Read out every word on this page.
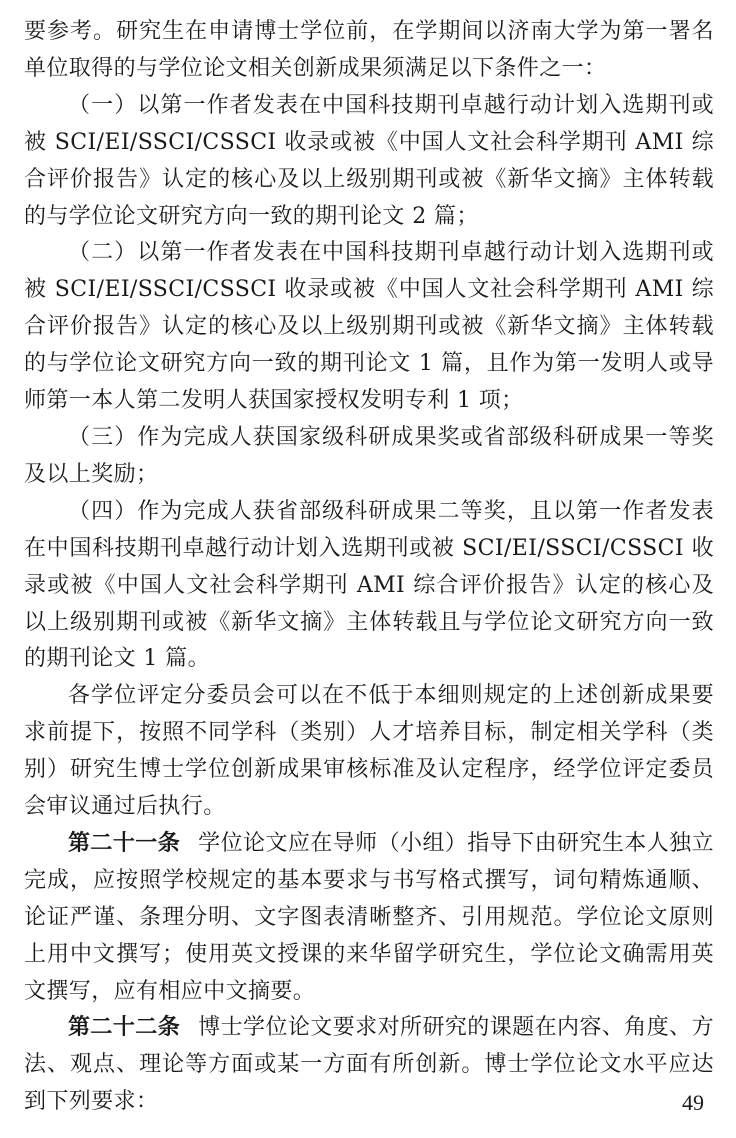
要参考。研究生在申请博士学位前，在学期间以济南大学为第一署名单位取得的与学位论文相关创新成果须满足以下条件之一：

（一）以第一作者发表在中国科技期刊卓越行动计划入选期刊或被 SCI/EI/SSCI/CSSCI 收录或被《中国人文社会科学期刊 AMI 综合评价报告》认定的核心及以上级别期刊或被《新华文摘》主体转载的与学位论文研究方向一致的期刊论文 2 篇；

（二）以第一作者发表在中国科技期刊卓越行动计划入选期刊或被 SCI/EI/SSCI/CSSCI 收录或被《中国人文社会科学期刊 AMI 综合评价报告》认定的核心及以上级别期刊或被《新华文摘》主体转载的与学位论文研究方向一致的期刊论文 1 篇，且作为第一发明人或导师第一本人第二发明人获国家授权发明专利 1 项；

（三）作为完成人获国家级科研成果奖或省部级科研成果一等奖及以上奖励；

（四）作为完成人获省部级科研成果二等奖，且以第一作者发表在中国科技期刊卓越行动计划入选期刊或被 SCI/EI/SSCI/CSSCI 收录或被《中国人文社会科学期刊 AMI 综合评价报告》认定的核心及以上级别期刊或被《新华文摘》主体转载且与学位论文研究方向一致的期刊论文 1 篇。

各学位评定分委员会可以在不低于本细则规定的上述创新成果要求前提下，按照不同学科（类别）人才培养目标，制定相关学科（类别）研究生博士学位创新成果审核标准及认定程序，经学位评定委员会审议通过后执行。

第二十一条 学位论文应在导师（小组）指导下由研究生本人独立完成，应按照学校规定的基本要求与书写格式撰写，词句精炼通顺、论证严谨、条理分明、文字图表清晰整齐、引用规范。学位论文原则上用中文撰写；使用英文授课的来华留学研究生，学位论文确需用英文撰写，应有相应中文摘要。

第二十二条 博士学位论文要求对所研究的课题在内容、角度、方法、观点、理论等方面或某一方面有所创新。博士学位论文水平应达到下列要求：	49
